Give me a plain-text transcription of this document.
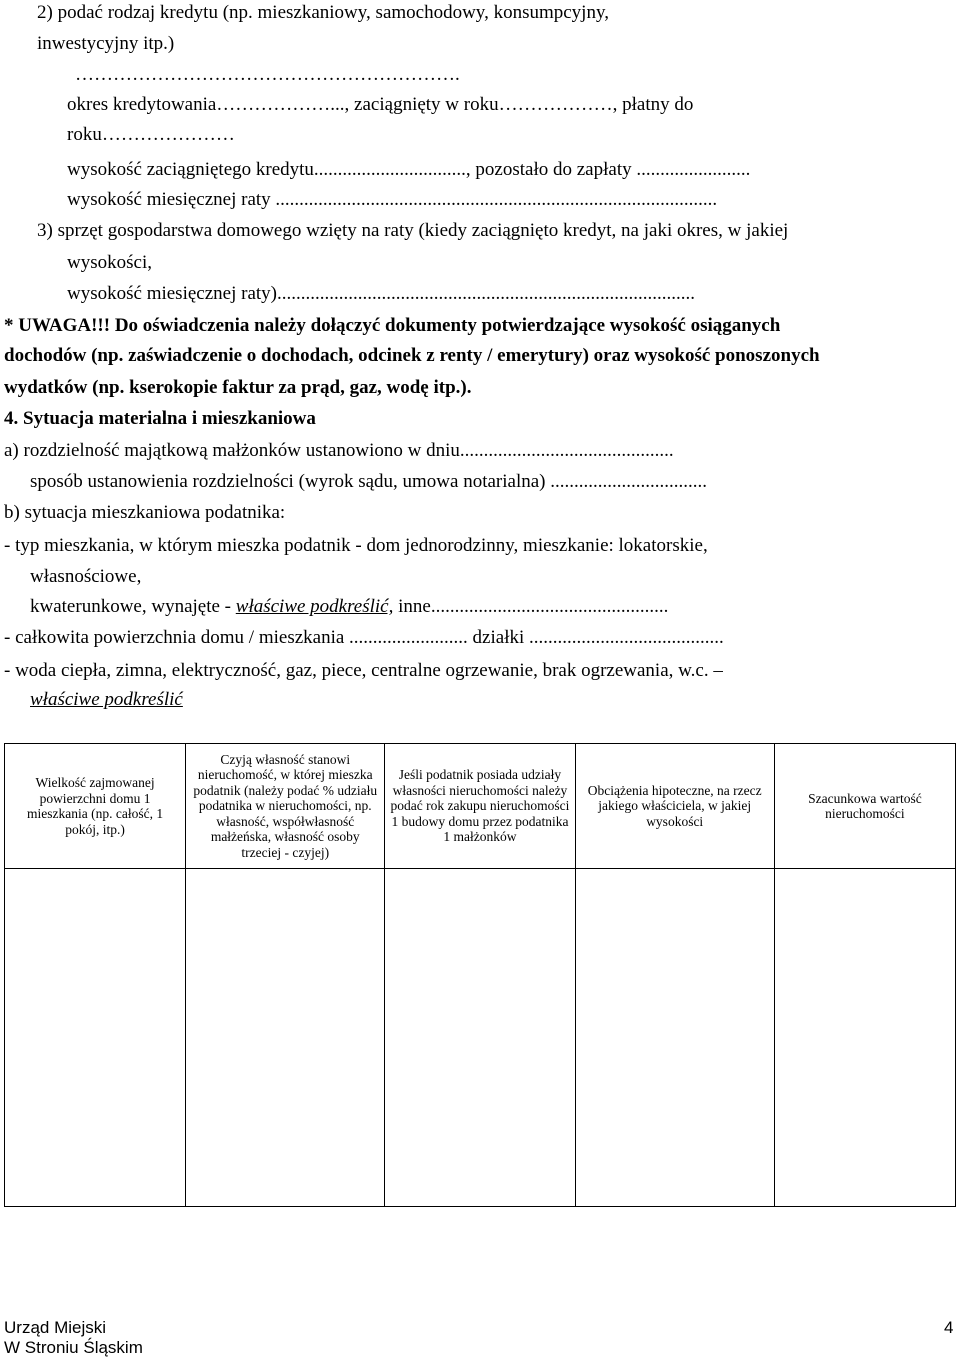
2) podać rodzaj kredytu (np. mieszkaniowy, samochodowy, konsumpcyjny,
inwestycyjny itp.)
…………………………………………………….
okres kredytowania………………..., zaciągnięty w roku………………, płatny do
roku…………………
wysokość zaciągniętego kredytu................................, pozostało do zapłaty ........................
wysokość miesięcznej raty .............................................................................................
3) sprzęt gospodarstwa domowego wzięty na raty (kiedy zaciągnięto kredyt, na jaki okres, w jakiej
wysokości,
wysokość miesięcznej raty)........................................................................................
* UWAGA!!! Do oświadczenia należy dołączyć dokumenty potwierdzające wysokość osiąganych
dochodów (np. zaświadczenie o dochodach, odcinek z renty / emerytury) oraz wysokość ponoszonych
wydatków (np. kserokopie faktur za prąd, gaz, wodę itp.).
4. Sytuacja materialna i mieszkaniowa
a) rozdzielność majątkową małżonków ustanowiono w dniu.............................................
sposób ustanowienia rozdzielności (wyrok sądu, umowa notarialna) .................................
b) sytuacja mieszkaniowa podatnika:
- typ mieszkania, w którym mieszka podatnik - dom jednorodzinny, mieszkanie: lokatorskie,
własnościowe,
kwaterunkowe, wynajęte - właściwe podkreślić, inne..................................................
- całkowita powierzchnia domu / mieszkania ......................... działki .........................................
- woda ciepła, zimna, elektryczność, gaz, piece, centralne ogrzewanie, brak ogrzewania, w.c. –
właściwe podkreślić
Wielkość zajmowanej powierzchni domu 1 mieszkania (np. całość, 1 pokój, itp.)	Czyją własność stanowi nieruchomość, w której mieszka podatnik (należy podać % udziału podatnika w nieruchomości, np. własność, współwłasność małżeńska, własność osoby trzeciej - czyjej)	Jeśli podatnik posiada udziały własności nieruchomości należy podać rok zakupu nieruchomości 1 budowy domu przez podatnika 1 małżonków	Obciążenia hipoteczne, na rzecz jakiego właściciela, w jakiej wysokości	Szacunkowa wartość nieruchomości

Urząd Miejski
W Stroniu Śląskim
4
